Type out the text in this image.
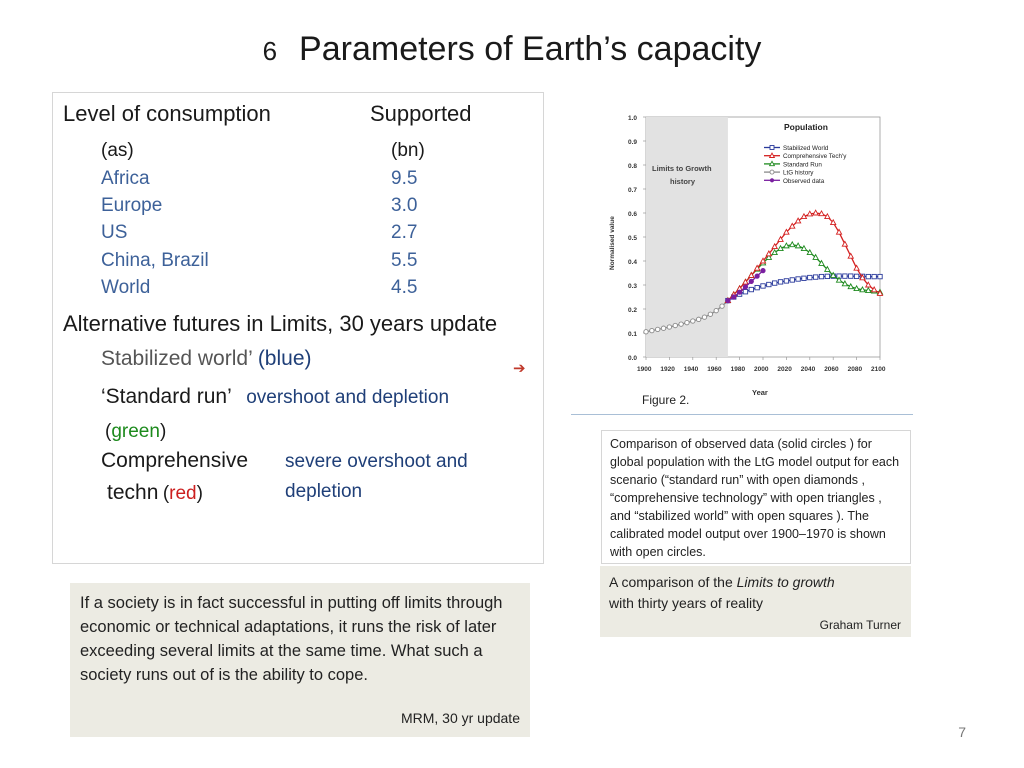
6 Parameters of Earth’s capacity
Level of consumption	Supported
(as)	(bn)
Africa	9.5
Europe	3.0
US	2.7
China, Brazil	5.5
World	4.5
Alternative futures in Limits, 30 years update
Stabilized world’ (blue)	➔
‘Standard run’ overshoot and depletion
(green)
Comprehensive severe overshoot and
techn (red)	depletion
If a society is in fact successful in putting off limits through economic or technical adaptations, it runs the risk of later exceeding several limits at the same time. What such a society runs out of is the ability to cope.
MRM, 30 yr update
Limits to Growth
history
0.0
0.1
0.2
0.3
0.4
0.5
0.6
0.7
0.8
0.9
1.0
1900 1920 1940 1960 1980 2000 2020 2040 2060 2080 2100
Year
Normalised value
Population
Stabilized World
Comprehensive Tech'y
Standard Run
LtG history
Observed data
Figure 2.
Comparison of observed data (solid circles ) for global population with the LtG model output for each scenario (“standard run” with open diamonds , “comprehensive technology” with open triangles , and “stabilized world” with open squares ). The calibrated model output over 1900–1970 is shown with open circles.
A comparison of the Limits to growth
with thirty years of reality
Graham Turner
7
